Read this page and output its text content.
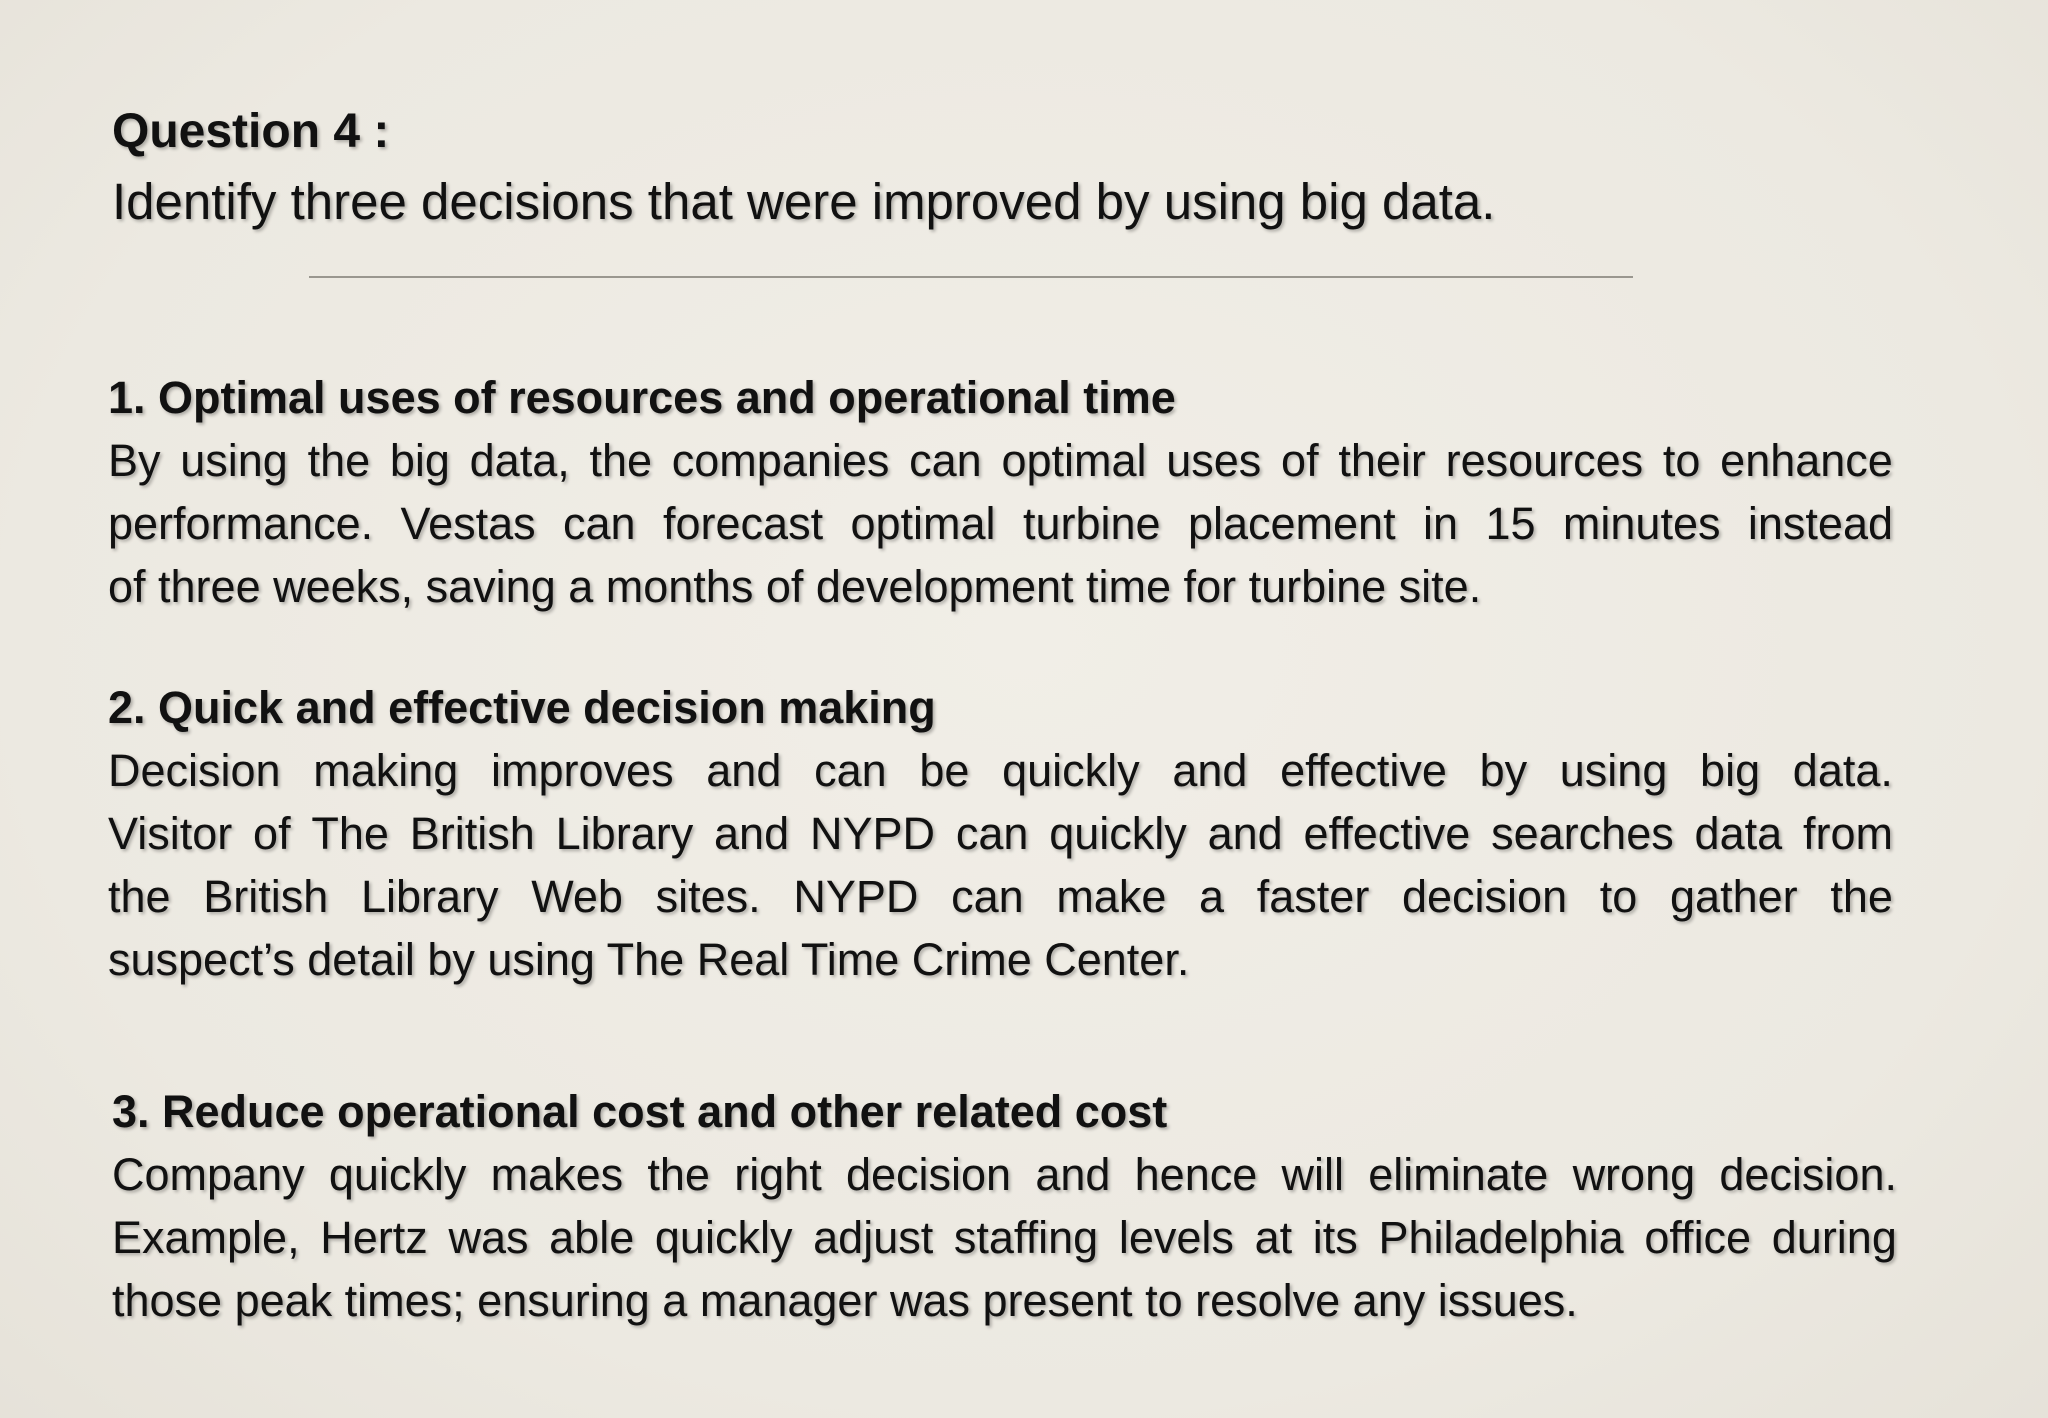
Question 4 :
Identify three decisions that were improved by using big data.
1. Optimal uses of resources and operational time

By using the big data, the companies can optimal uses of their resources to enhance

performance. Vestas can forecast optimal turbine placement in 15 minutes instead

of three weeks, saving a months of development time for turbine site.

2. Quick and effective decision making

Decision making improves and can be quickly and effective by using big data.

Visitor of The British Library and NYPD can quickly and effective searches data from

the British Library Web sites. NYPD can make a faster decision to gather the

suspect’s detail by using The Real Time Crime Center.

3. Reduce operational cost and other related cost

Company quickly makes the right decision and hence will eliminate wrong decision.

Example, Hertz was able quickly adjust staffing levels at its Philadelphia office during

those peak times; ensuring a manager was present to resolve any issues.
